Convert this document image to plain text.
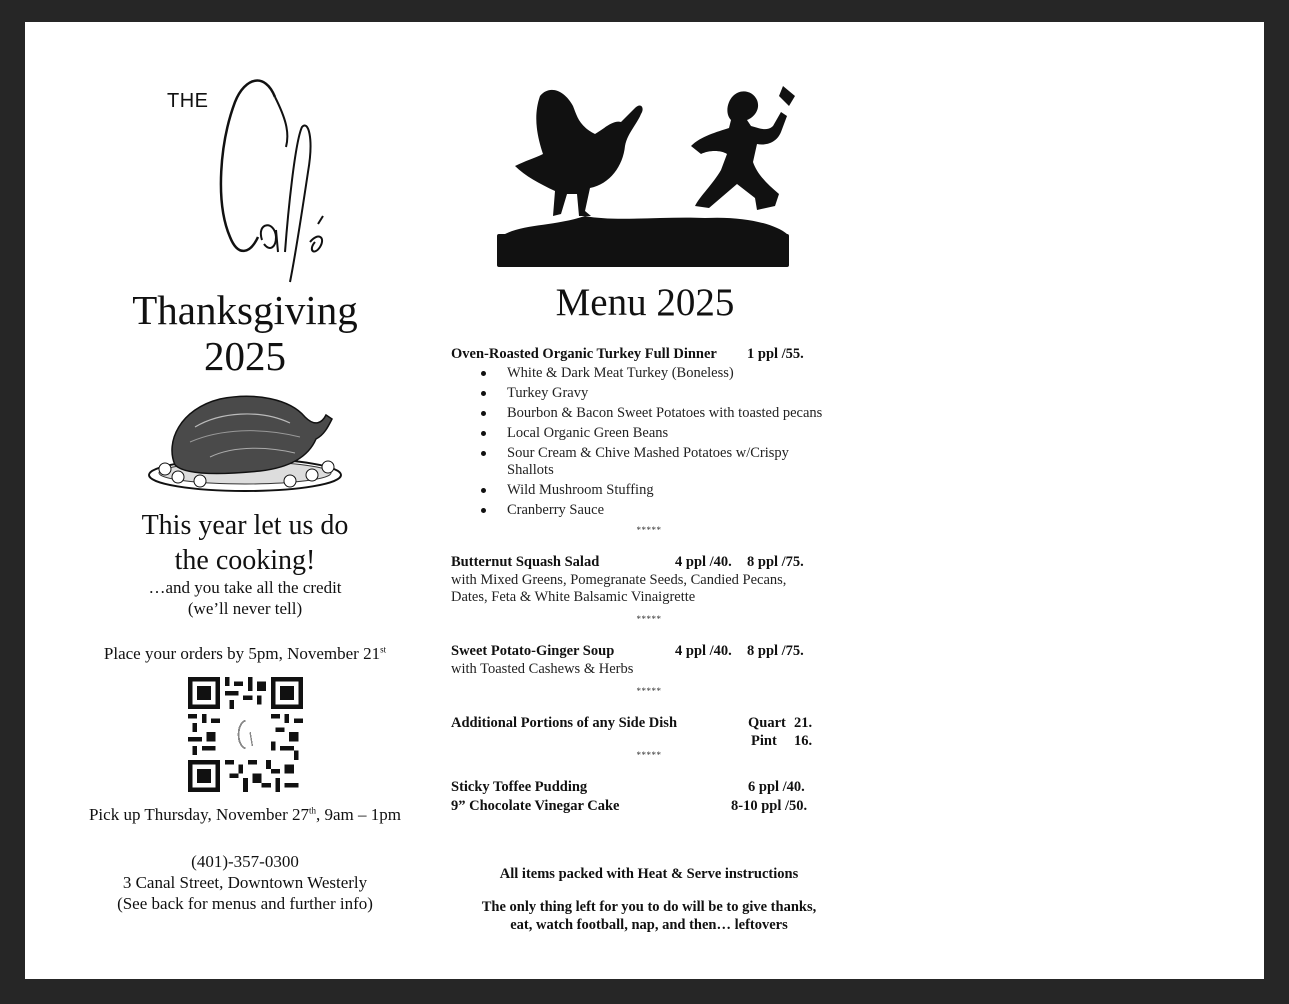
THE
Thanksgiving
2025
This year let us do
the cooking!
…and you take all the credit
(we’ll never tell)
Place your orders by 5pm, November 21st
Pick up Thursday, November 27th, 9am – 1pm
(401)-357-0300
3 Canal Street, Downtown Westerly
(See back for menus and further info)
Menu 2025
Oven-Roasted Organic Turkey Full Dinner 1 ppl /55.
White & Dark Meat Turkey (Boneless)
Turkey Gravy
Bourbon & Bacon Sweet Potatoes with toasted pecans
Local Organic Green Beans
Sour Cream & Chive Mashed Potatoes w/Crispy Shallots
Wild Mushroom Stuffing
Cranberry Sauce
*****
Butternut Squash Salad	4 ppl /40. 8 ppl /75.
with Mixed Greens, Pomegranate Seeds, Candied Pecans,
Dates, Feta & White Balsamic Vinaigrette
*****
Sweet Potato-Ginger Soup	4 ppl /40. 8 ppl /75.
with Toasted Cashews & Herbs
*****
Additional Portions of any Side Dish	Quart 21.
Pint 16.
*****
Sticky Toffee Pudding	6 ppl /40.
9” Chocolate Vinegar Cake	8-10 ppl /50.
All items packed with Heat & Serve instructions
The only thing left for you to do will be to give thanks,
eat, watch football, nap, and then… leftovers
